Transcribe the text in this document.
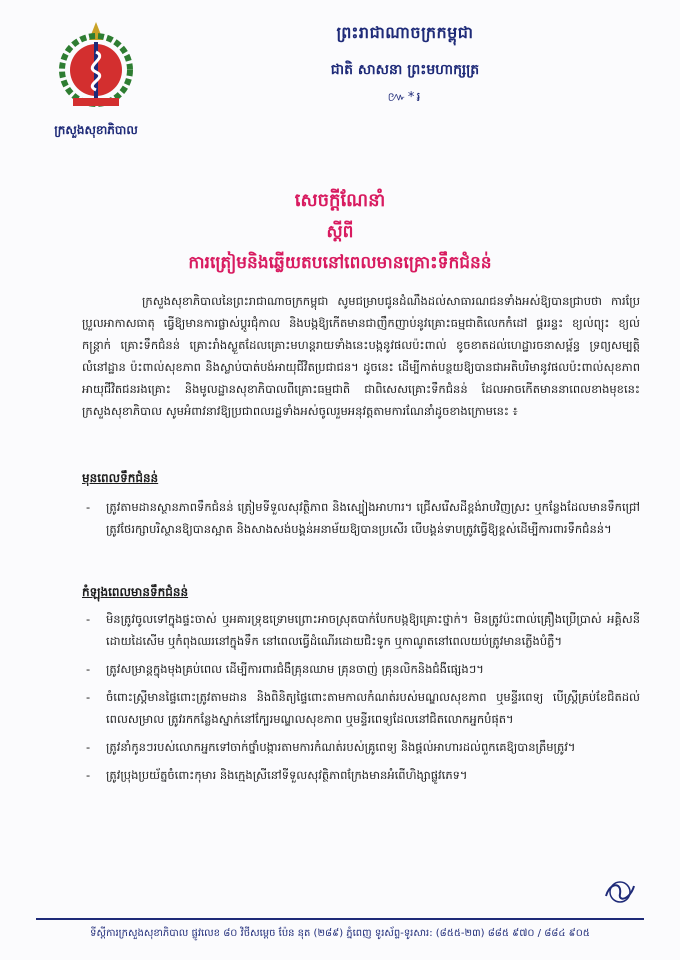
ក្រសួងសុខាភិបាល
ព្រះរាជាណាចក្រកម្ពុជា
ជាតិ សាសនា ព្រះមហាក្សត្រ
៚*៛
សេចក្តីណែនាំ
ស្តីពី
ការត្រៀមនិងឆ្លើយតបនៅពេលមានគ្រោះទឹកជំនន់
ក្រសួងសុខាភិបាលនៃព្រះរាជាណាចក្រកម្ពុជា សូមជម្រាបជូនដំណឹងដល់សាធារណជនទាំងអស់ឱ្យបានជ្រាបថា ការប្រែប្រួលអាកាសធាតុ ធ្វើឱ្យមានការផ្លាស់ប្តូរជុំកាល និងបង្កឱ្យកើតមានជាញឹកញាប់នូវគ្រោះធម្មជាតិលេកកំដៅ ផ្គររន្ទះ ខ្យល់ព្យុះ ខ្យល់កន្ត្រាក់ គ្រោះទឹកជំនន់ គ្រោះរាំងស្ងួតដែលគ្រោះមហន្តរាយទាំងនេះបង្កនូវផលប៉ះពាល់ ខូចខាតដល់ហេដ្ឋារចនាសម្ព័ន្ធ ទ្រព្យសម្បត្តិ លំនៅដ្ឋាន ប៉ះពាល់សុខភាព និងស្លាប់បាត់បង់អាយុជីវិតប្រជាជន។ ដូចនេះ ដើម្បីកាត់បន្ថយឱ្យបានជាអតិបរិមានូវផលប៉ះពាល់សុខភាព អាយុជីវិតជនរងគ្រោះ និងមូលដ្ឋានសុខាភិបាលពីគ្រោះធម្មជាតិ ជាពិសេសគ្រោះទឹកជំនន់ ដែលអាចកើតមាននាពេលខាងមុខនេះ ក្រសួងសុខាភិបាល សូមអំពាវនាវឱ្យប្រជាពលរដ្ឋទាំងអស់ចូលរួមអនុវត្តតាមការណែនាំដូចខាងក្រោមនេះ ៖
មុនពេលទឹកជំនន់
- ត្រូវតាមដានស្ថានភាពទឹកជំនន់ ត្រៀមទីទួលសុវត្ថិភាព និងស្បៀងអាហារ។ ជ្រើសរើសដីខ្ពង់រាបវិញស្រះ ឬកន្លែងដែលមានទឹកជ្រៅ ត្រូវថែរក្សាបរិស្ថានឱ្យបានស្អាត និងសាងសង់បង្គន់អនាម័យឱ្យបានប្រសើរ បើបង្គន់ទាបត្រូវធ្វើឱ្យខ្ពស់ដើម្បីការពារទឹកជំនន់។
កំឡុងពេលមានទឹកជំនន់
- មិនត្រូវចូលទៅក្នុងផ្ទះចាស់ ឬអគារទ្រុឌទ្រោមព្រោះអាចស្រុតបាក់បែកបង្កឱ្យគ្រោះថ្នាក់។ មិនត្រូវប៉ះពាល់គ្រឿងប្រើប្រាស់ អគ្គិសនីដោយដៃសើម ឬកំពុងឈរនៅក្នុងទឹក នៅពេលធ្វើដំណើរដោយជិះទូក ឬកាណូតនៅពេលយប់ត្រូវមានភ្លើងបំភ្លឺ។
- ត្រូវសម្រាន្តក្នុងមុងគ្រប់ពេល ដើម្បីការពារជំងឺគ្រុនឈាម គ្រុនចាញ់ គ្រុនលិកនិងជំងឺផ្សេងៗ។
- ចំពោះស្ត្រីមានផ្ទៃពោះត្រូវតាមដាន និងពិនិត្យផ្ទៃពោះតាមកាលកំណត់របស់មណ្ឌលសុខភាព ឬមន្ទីរពេទ្យ បើស្ត្រីគ្រប់ខែជិតដល់ពេលសម្រាល ត្រូវរកកន្លែងស្នាក់នៅក្បែរមណ្ឌលសុខភាព ឬមន្ទីរពេទ្យដែលនៅជិតលោកអ្នកបំផុត។
- ត្រូវនាំកូនៗរបស់លោកអ្នកទៅចាក់ថ្នាំបង្ការតាមការកំណត់របស់គ្រូពេទ្យ និងផ្តល់អាហារដល់ពួកគេឱ្យបានត្រឹមត្រូវ។
- ត្រូវប្រុងប្រយ័ត្នចំពោះកុមារ និងក្មេងស្រីនៅទីទួលសុវត្ថិភាពក្រែងមានអំពើហិង្សាផ្លូវភេទ។
ទីស្តីការក្រសួងសុខាភិបាល ផ្លូវលេខ ៨០ វិថីសម្តេច ប៉ែន នុត (២៨៩) ភ្នំពេញ ទូរស័ព្ទ-ទូរសារ: (៨៥៥-២៣) ៨៨៥ ៩៧០ / ៨៨៤ ៩០៥
